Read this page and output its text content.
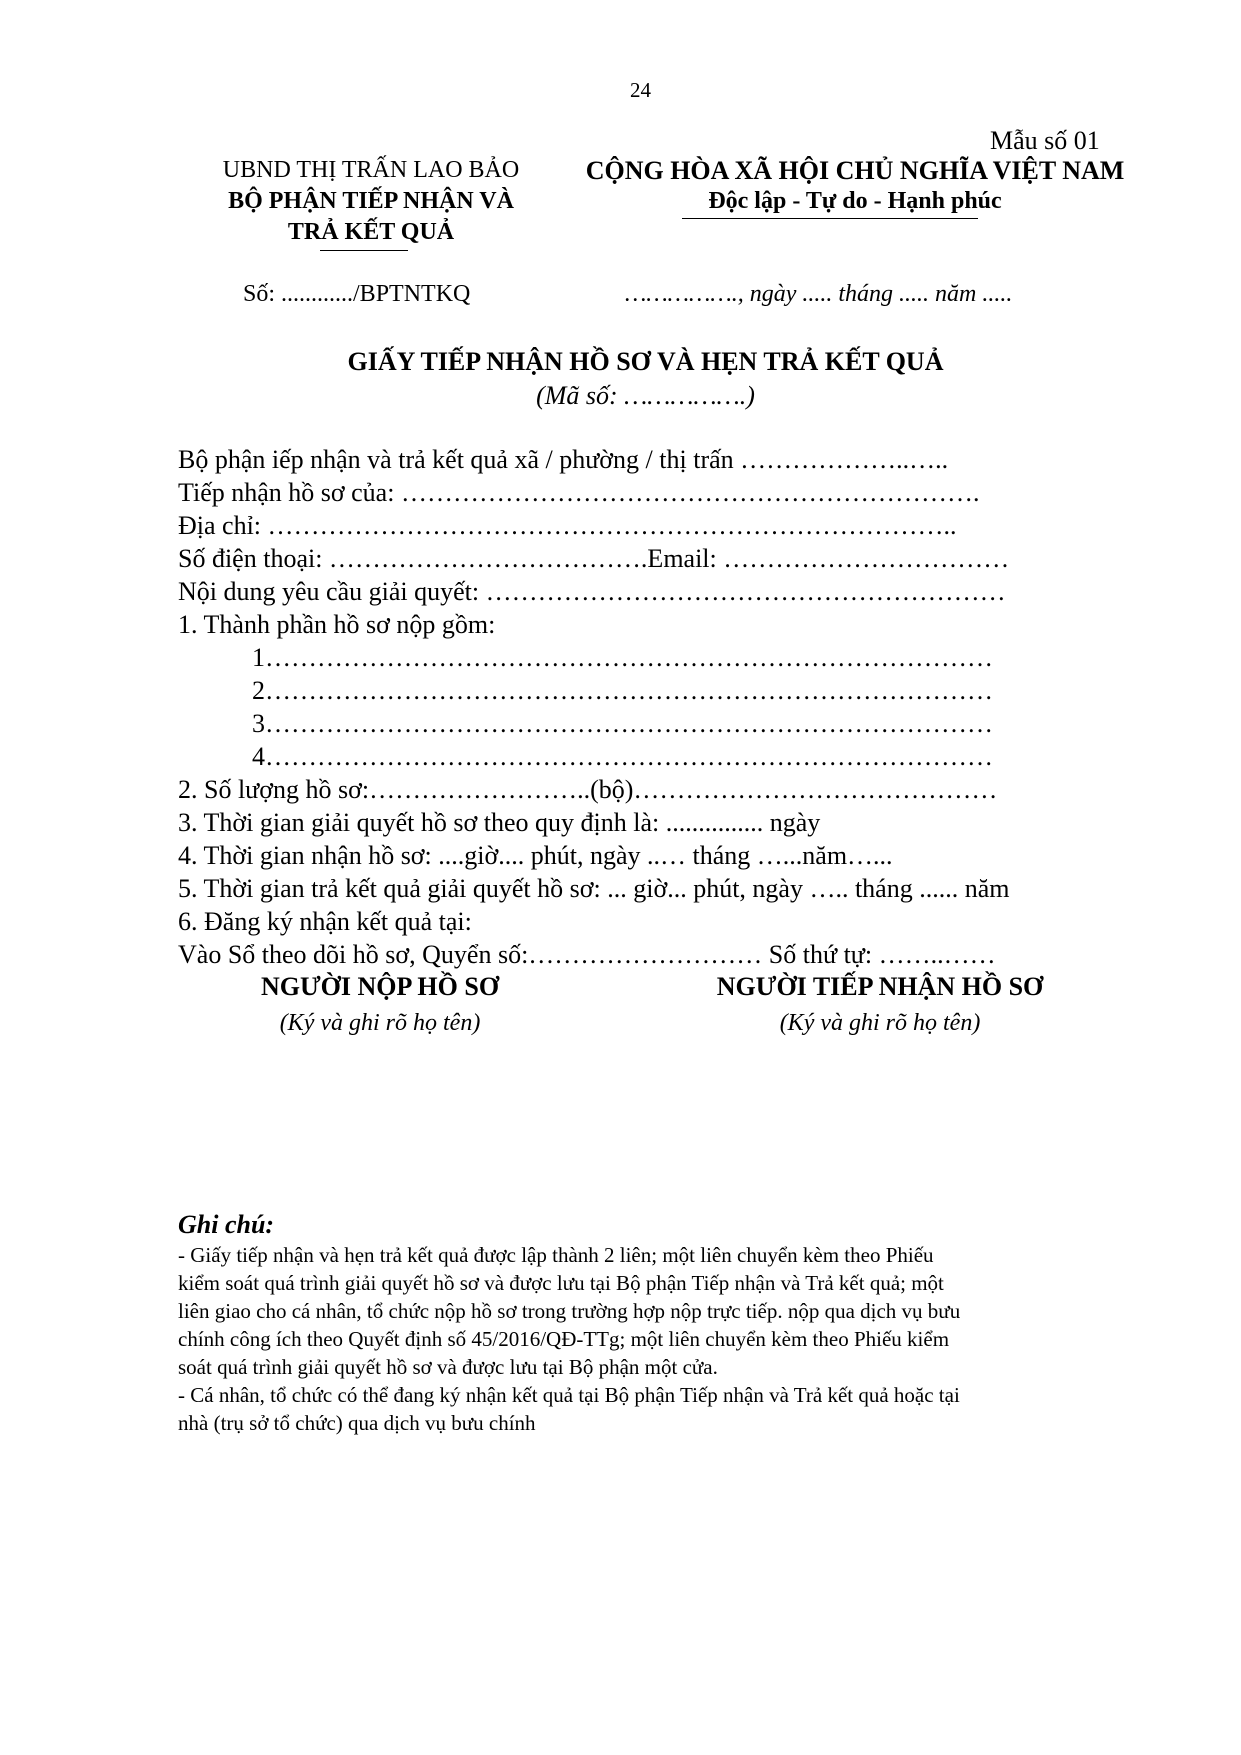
24
Mẫu số 01
UBND THỊ TRẤN LAO BẢO
BỘ PHẬN TIẾP NHẬN VÀ
TRẢ KẾT QUẢ
CỘNG HÒA XÃ HỘI CHỦ NGHĨA VIỆT NAM
Độc lập - Tự do - Hạnh phúc
Số: ............/BPTNTKQ	……………., ngày ..... tháng ..... năm .....
GIẤY TIẾP NHẬN HỒ SƠ VÀ HẸN TRẢ KẾT QUẢ
(Mã số: …………….)
Bộ phận iếp nhận và trả kết quả xã / phường / thị trấn ………………..…..
Tiếp nhận hồ sơ của: ………………………………………………………….
Địa chỉ: ……………………………………………………………………..
Số điện thoại: ……………………………….Email: ……………………………
Nội dung yêu cầu giải quyết: ……………………………………………………
1. Thành phần hồ sơ nộp gồm:
1…………………………………………………………………………
2…………………………………………………………………………
3…………………………………………………………………………
4…………………………………………………………………………
2. Số lượng hồ sơ:……………………..(bộ)……………………………………
3. Thời gian giải quyết hồ sơ theo quy định là: ............... ngày
4. Thời gian nhận hồ sơ: ....giờ.... phút, ngày ..… tháng …...năm…...
5. Thời gian trả kết quả giải quyết hồ sơ: ... giờ... phút, ngày ….. tháng ...... năm
6. Đăng ký nhận kết quả tại:
Vào Sổ theo dõi hồ sơ, Quyển số:……………………… Số thứ tự: ……..……
NGƯỜI NỘP HỒ SƠ
(Ký và ghi rõ họ tên)
NGƯỜI TIẾP NHẬN HỒ SƠ
(Ký và ghi rõ họ tên)
Ghi chú:
- Giấy tiếp nhận và hẹn trả kết quả được lập thành 2 liên; một liên chuyển kèm theo Phiếu
kiểm soát quá trình giải quyết hồ sơ và được lưu tại Bộ phận Tiếp nhận và Trả kết quả; một
liên giao cho cá nhân, tổ chức nộp hồ sơ trong trường hợp nộp trực tiếp. nộp qua dịch vụ bưu
chính công ích theo Quyết định số 45/2016/QĐ-TTg; một liên chuyển kèm theo Phiếu kiểm
soát quá trình giải quyết hồ sơ và được lưu tại Bộ phận một cửa.
- Cá nhân, tổ chức có thể đang ký nhận kết quả tại Bộ phận Tiếp nhận và Trả kết quả hoặc tại
nhà (trụ sở tổ chức) qua dịch vụ bưu chính
